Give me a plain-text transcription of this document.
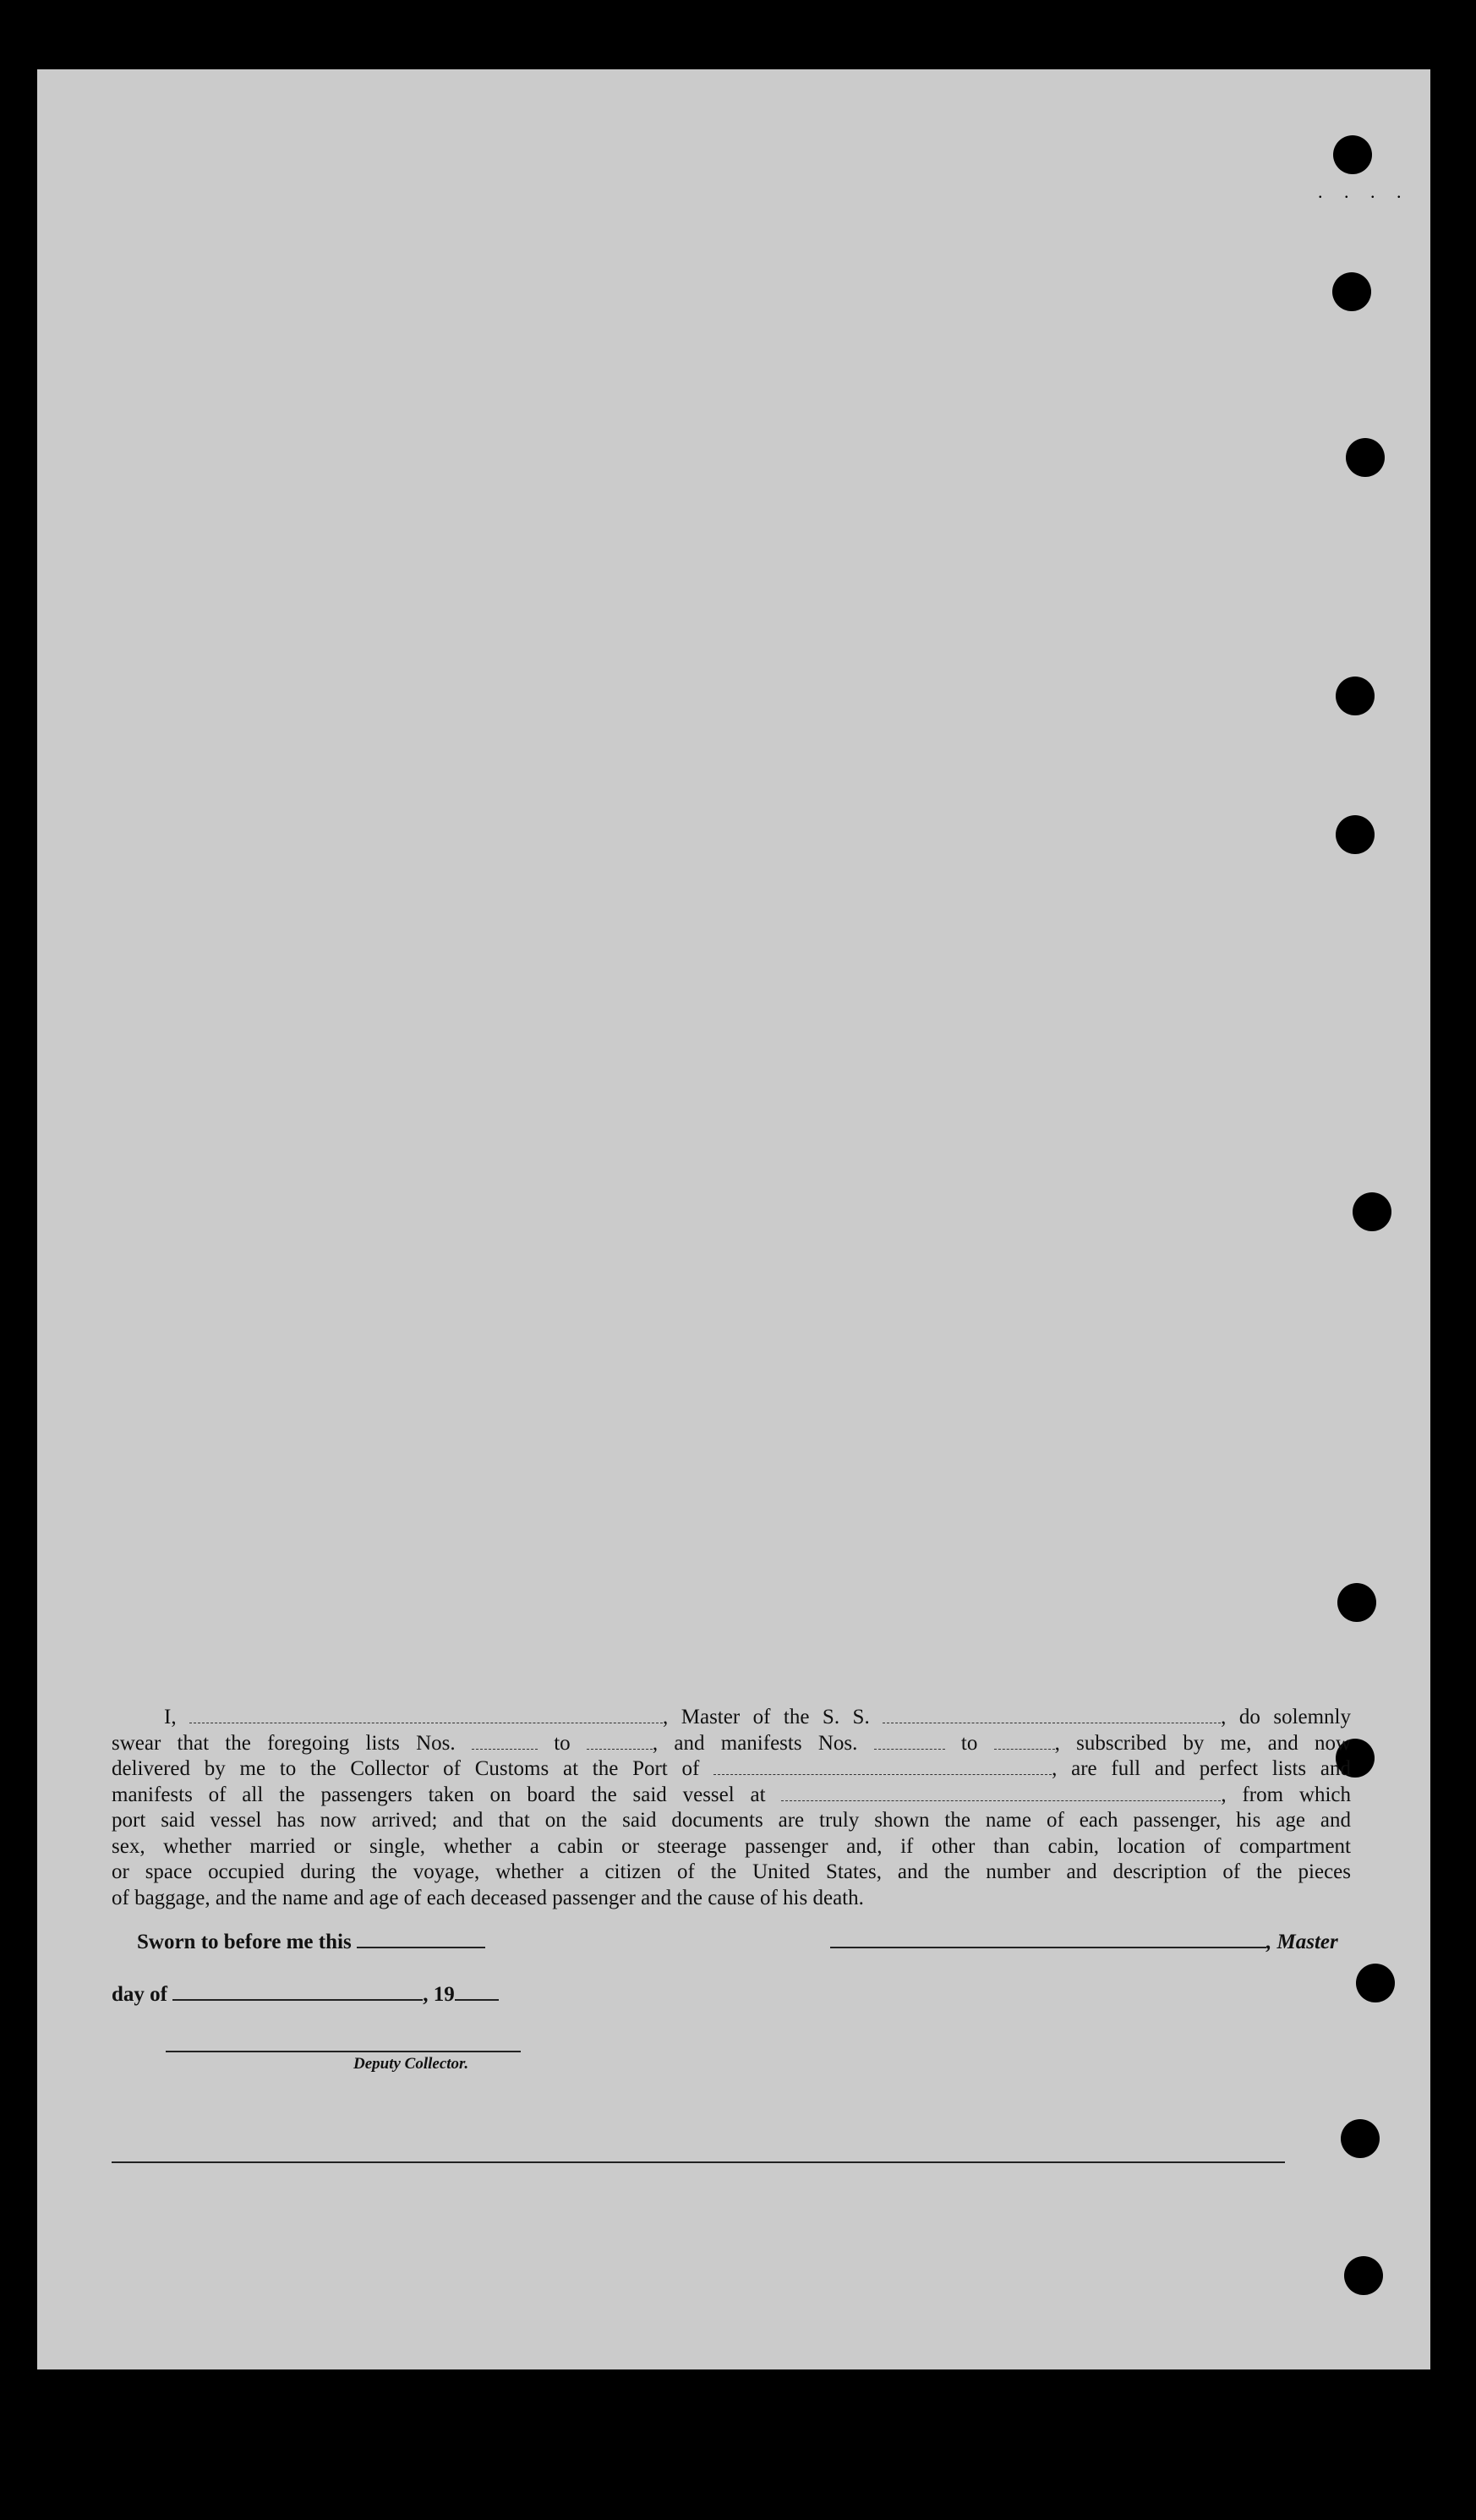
. . . .
I,	, Master of the S. S.	, do solemnly
swear that the foregoing lists Nos.	to	, and manifests Nos.	to	, subscribed by me, and now
delivered by me to the Collector of Customs at the Port of	, are full and perfect lists and
manifests of all the passengers taken on board the said vessel at	, from which
port said vessel has now arrived; and that on the said documents are truly shown the name of each passenger, his age and
sex, whether married or single, whether a cabin or steerage passenger and, if other than cabin, location of compartment
or space occupied during the voyage, whether a citizen of the United States, and the number and description of the pieces
of baggage, and the name and age of each deceased passenger and the cause of his death.
Sworn to before me this	, Master
day of	, 19
Deputy Collector.
